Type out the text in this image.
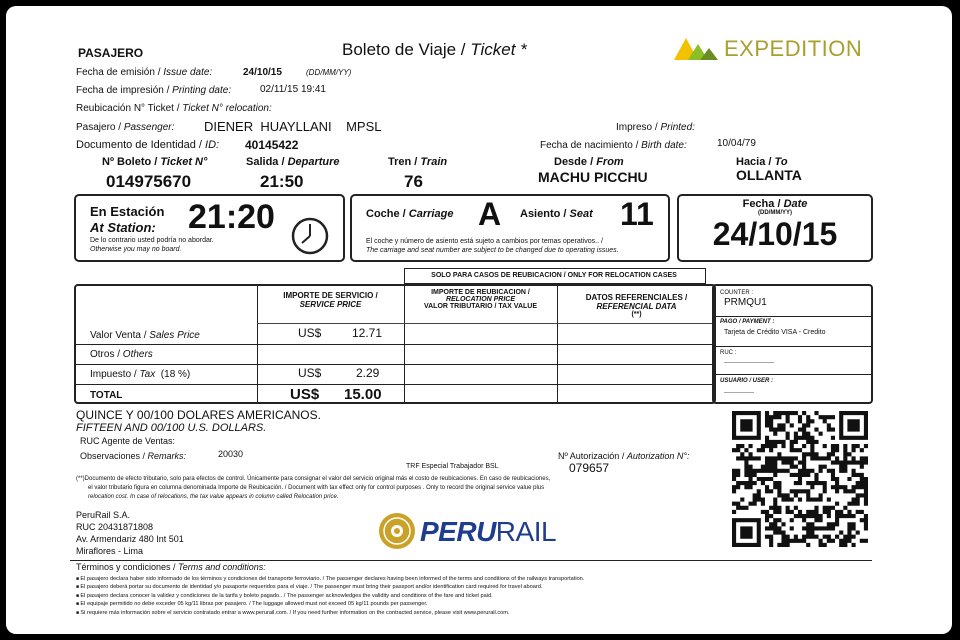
PASAJERO	Boleto de Viaje / Ticket *	EXPEDITION
Fecha de emisión / Issue date:	24/10/15	(DD/MM/YY)
Fecha de impresión / Printing date:	02/11/15 19:41
Reubicación N° Ticket / Ticket N° relocation:
Pasajero / Passenger: DIENER  HUAYLLANI    MPSL	Impreso / Printed:
Documento de Identidad / ID: 40145422	Fecha de nacimiento / Birth date:	10/04/79
Nº Boleto / Ticket N°
014975670
Salida / Departure
21:50
Tren / Train
76
Desde / From
MACHU PICCHU
Hacia / To
OLLANTA
En Estación
At Station: 21:20
De lo contrario usted podría no abordar.
Otherwise you may no board.
Coche / Carriage A Asiento / Seat 11
El coche y número de asiento está sujeto a cambios por temas operativos.. /
The carriage and seat number are subject to be changed due to operating issues.
Fecha / Date
(DD/MM/YY)
24/10/15
SOLO PARA CASOS DE REUBICACION / ONLY FOR RELOCATION CASES
IMPORTE DE SERVICIO /
SERVICE PRICE
IMPORTE DE REUBICACION /
RELOCATION PRICE
VALOR TRIBUTARIO / TAX VALUE
DATOS REFERENCIALES /
REFERENCIAL DATA
(**)
Valor Venta / Sales Price	US$	12.71
Otros / Others
Impuesto / Tax (18 %)	US$	2.29
TOTAL	US$ 15.00
COUNTER :
PRMQU1
PAGO / PAYMENT :
Tarjeta de Crédito VISA - Credito
RUC :
-------------------------
USUARIO / USER :
---------------
QUINCE Y 00/100 DOLARES AMERICANOS.
FIFTEEN AND 00/100 U.S. DOLLARS.
RUC Agente de Ventas:
Observaciones / Remarks:	20030	Nº Autorización / Autorization N°:
TRF Especial Trabajador BSL	079657
(**)Documento de efecto tributario, solo para efectos de control. Únicamente para consignar el valor del servicio original más el costo de reubicaciones. En caso de reubicaciones,
el valor tributario figura en columna denominada Importe de Reubicación. / Document with tax effect only for control purposes . Only to record the original service value plus
relocation cost. In case of relocations, the tax value appears in column called Relocation price.
PeruRail S.A.
RUC 20431871808
Av. Armendariz 480 Int 501
Miraflores - Lima
PERURAIL
Términos y condiciones / Terms and conditions:
■ El pasajero declara haber sido informado de los términos y condiciones del transporte ferroviario. / The passenger declares having been informed of the terms and conditions of the railways transportation.
■ El pasajero deberá portar su documento de identidad y/o pasaporte requeridos para el viaje. / The passenger must bring their passport and/or identification card required for travel aboard.
■ El pasajero declara conocer la validez y condiciones de la tarifa y boleto pagado.. / The passenger acknowledges the validity and conditions of the fare and ticket paid.
■ El equipaje permitido no debe exceder 05 kg/11 libras por pasajero. / The luggage allowed must not exceed 05 kg/11 pounds per passenger.
■ Si requiere más información sobre el servicio contratado entrar a www.perurail.com. / If you need further information on the contracted service, please visit www.perurail.com.
